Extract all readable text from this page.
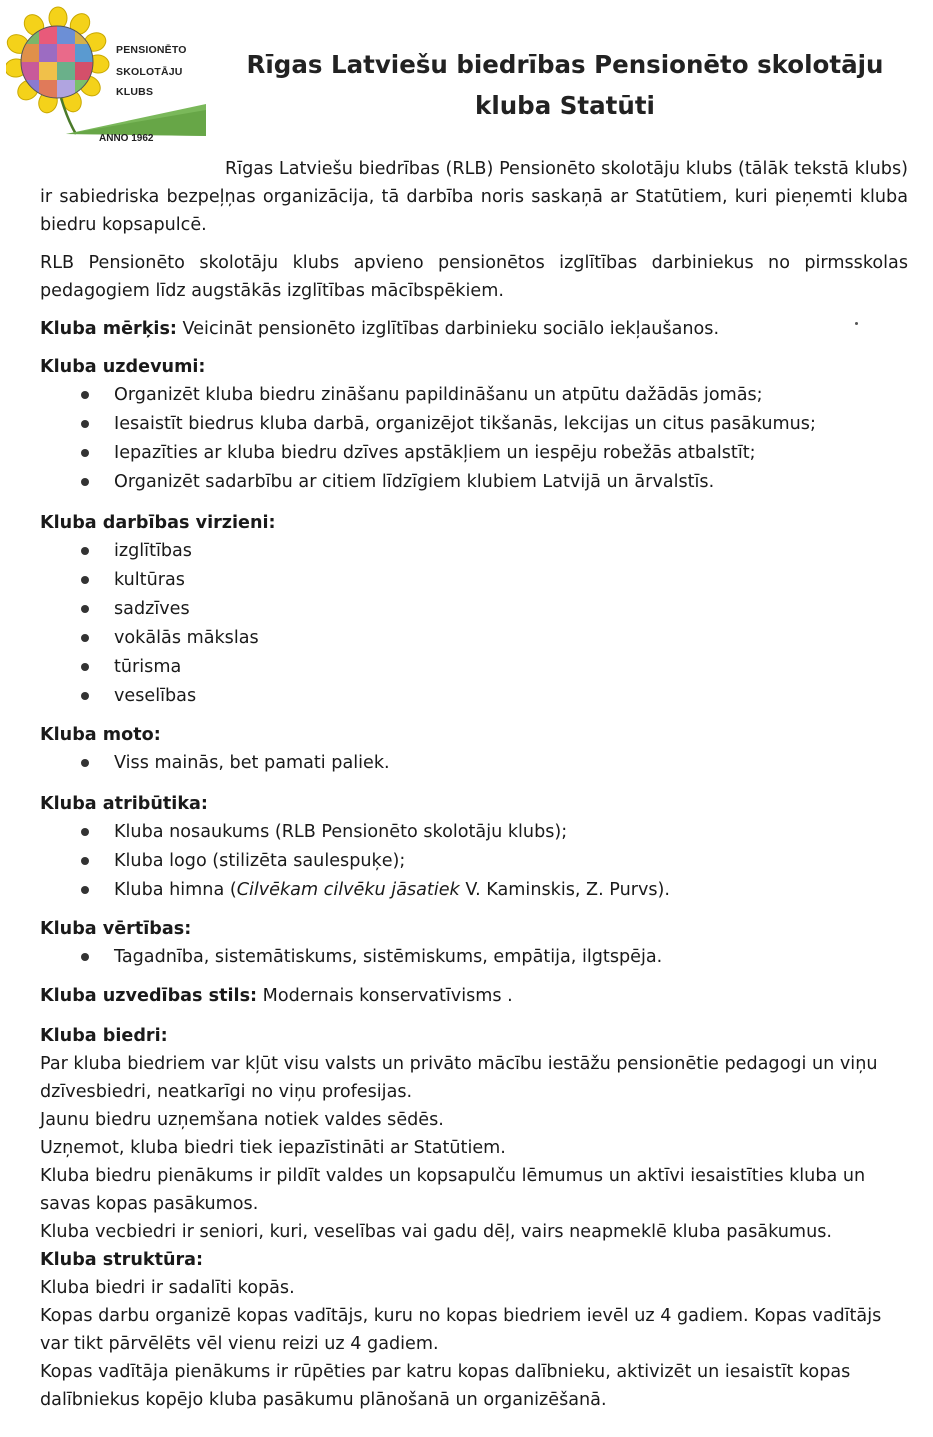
PENSIONĒTO
SKOLOTĀJU
KLUBS
ANNO 1962
Rīgas Latviešu biedrības Pensionēto skolotāju
kluba Statūti

Rīgas Latviešu biedrības (RLB) Pensionēto skolotāju klubs (tālāk tekstā klubs) ir sabiedriska bezpeļņas organizācija, tā darbība noris saskaņā ar Statūtiem, kuri pieņemti kluba biedru kopsapulcē.

RLB Pensionēto skolotāju klubs apvieno pensionētos izglītības darbiniekus no pirmsskolas pedagogiem līdz augstākās izglītības mācībspēkiem.

Kluba mērķis: Veicināt pensionēto izglītības darbinieku sociālo iekļaušanos.

Kluba uzdevumi:

Organizēt kluba biedru zināšanu papildināšanu un atpūtu dažādās jomās;
Iesaistīt biedrus kluba darbā, organizējot tikšanās, lekcijas un citus pasākumus;
Iepazīties ar kluba biedru dzīves apstākļiem un iespēju robežās atbalstīt;
Organizēt sadarbību ar citiem līdzīgiem klubiem Latvijā un ārvalstīs.

Kluba darbības virzieni:

izglītības
kultūras
sadzīves
vokālās mākslas
tūrisma
veselības

Kluba moto:

Viss mainās, bet pamati paliek.

Kluba atribūtika:

Kluba nosaukums (RLB Pensionēto skolotāju klubs);
Kluba logo (stilizēta saulespuķe);
Kluba himna (Cilvēkam cilvēku jāsatiek V. Kaminskis, Z. Purvs).

Kluba vērtības:

Tagadnība, sistemātiskums, sistēmiskums, empātija, ilgtspēja.

Kluba uzvedības stils: Modernais konservatīvisms .

Kluba biedri:

Par kluba biedriem var kļūt visu valsts un privāto mācību iestāžu pensionētie pedagogi un viņu dzīvesbiedri, neatkarīgi no viņu profesijas.

Jaunu biedru uzņemšana notiek valdes sēdēs.

Uzņemot, kluba biedri tiek iepazīstināti ar Statūtiem.

Kluba biedru pienākums ir pildīt valdes un kopsapulču lēmumus un aktīvi iesaistīties kluba un savas kopas pasākumos.

Kluba vecbiedri ir seniori, kuri, veselības vai gadu dēļ, vairs neapmeklē kluba pasākumus.

Kluba struktūra:

Kluba biedri ir sadalīti kopās.

Kopas darbu organizē kopas vadītājs, kuru no kopas biedriem ievēl uz 4 gadiem. Kopas vadītājs var tikt pārvēlēts vēl vienu reizi uz 4 gadiem.

Kopas vadītāja pienākums ir rūpēties par katru kopas dalībnieku, aktivizēt un iesaistīt kopas dalībniekus kopējo kluba pasākumu plānošanā un organizēšanā.
